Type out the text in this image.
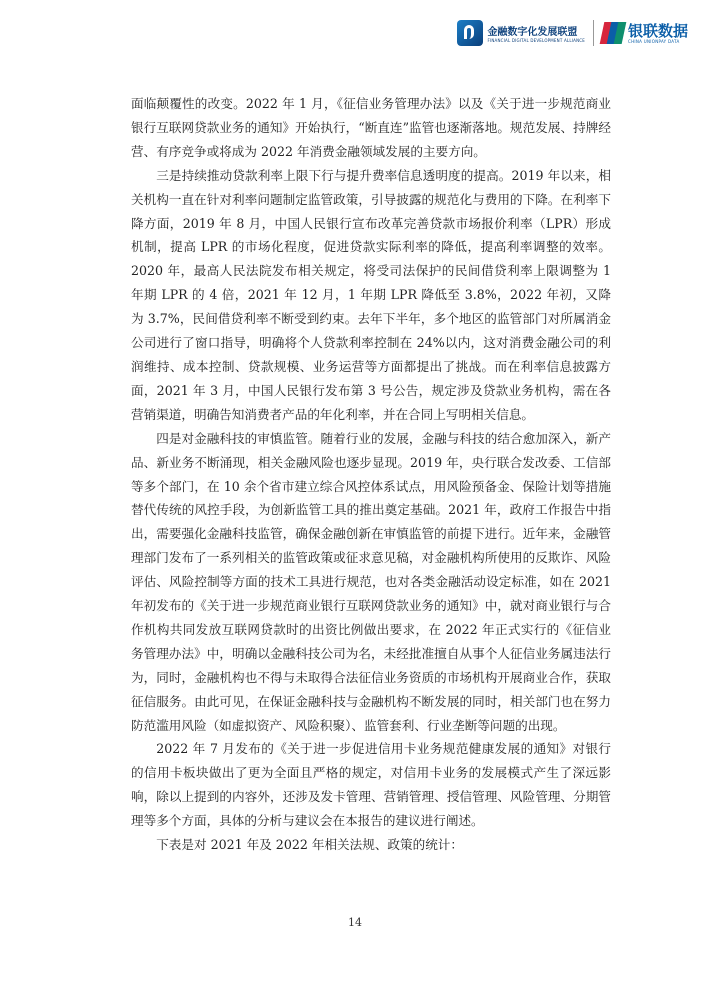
金融数字化发展联盟
FINANCIAL DIGITAL DEVELOPMENT ALLIANCE
银联数据
CHINA UNIONPAY DATA

面临颠覆性的改变。2022 年 1 月，《征信业务管理办法》以及《关于进一步规范商业银行互联网贷款业务的通知》开始执行，“断直连”监管也逐渐落地。规范发展、持牌经营、有序竞争或将成为 2022 年消费金融领域发展的主要方向。

三是持续推动贷款利率上限下行与提升费率信息透明度的提高。2019 年以来，相关机构一直在针对利率问题制定监管政策，引导披露的规范化与费用的下降。在利率下降方面，2019 年 8 月，中国人民银行宣布改革完善贷款市场报价利率（LPR）形成机制，提高 LPR 的市场化程度，促进贷款实际利率的降低，提高利率调整的效率。2020 年，最高人民法院发布相关规定，将受司法保护的民间借贷利率上限调整为 1 年期 LPR 的 4 倍，2021 年 12 月，1 年期 LPR 降低至 3.8%，2022 年初，又降为 3.7%，民间借贷利率不断受到约束。去年下半年，多个地区的监管部门对所属消金公司进行了窗口指导，明确将个人贷款利率控制在 24%以内，这对消费金融公司的利润维持、成本控制、贷款规模、业务运营等方面都提出了挑战。而在利率信息披露方面，2021 年 3 月，中国人民银行发布第 3 号公告，规定涉及贷款业务机构，需在各营销渠道，明确告知消费者产品的年化利率，并在合同上写明相关信息。

四是对金融科技的审慎监管。随着行业的发展，金融与科技的结合愈加深入，新产品、新业务不断涌现，相关金融风险也逐步显现。2019 年，央行联合发改委、工信部等多个部门，在 10 余个省市建立综合风控体系试点，用风险预备金、保险计划等措施替代传统的风控手段，为创新监管工具的推出奠定基础。2021 年，政府工作报告中指出，需要强化金融科技监管，确保金融创新在审慎监管的前提下进行。近年来，金融管理部门发布了一系列相关的监管政策或征求意见稿，对金融机构所使用的反欺诈、风险评估、风险控制等方面的技术工具进行规范，也对各类金融活动设定标准，如在 2021 年初发布的《关于进一步规范商业银行互联网贷款业务的通知》中，就对商业银行与合作机构共同发放互联网贷款时的出资比例做出要求，在 2022 年正式实行的《征信业务管理办法》中，明确以金融科技公司为名，未经批准擅自从事个人征信业务属违法行为，同时，金融机构也不得与未取得合法征信业务资质的市场机构开展商业合作，获取征信服务。由此可见，在保证金融科技与金融机构不断发展的同时，相关部门也在努力防范滥用风险（如虚拟资产、风险积聚）、监管套利、行业垄断等问题的出现。

2022 年 7 月发布的《关于进一步促进信用卡业务规范健康发展的通知》对银行的信用卡板块做出了更为全面且严格的规定，对信用卡业务的发展模式产生了深远影响，除以上提到的内容外，还涉及发卡管理、营销管理、授信管理、风险管理、分期管理等多个方面，具体的分析与建议会在本报告的建议进行阐述。

下表是对 2021 年及 2022 年相关法规、政策的统计：

14
